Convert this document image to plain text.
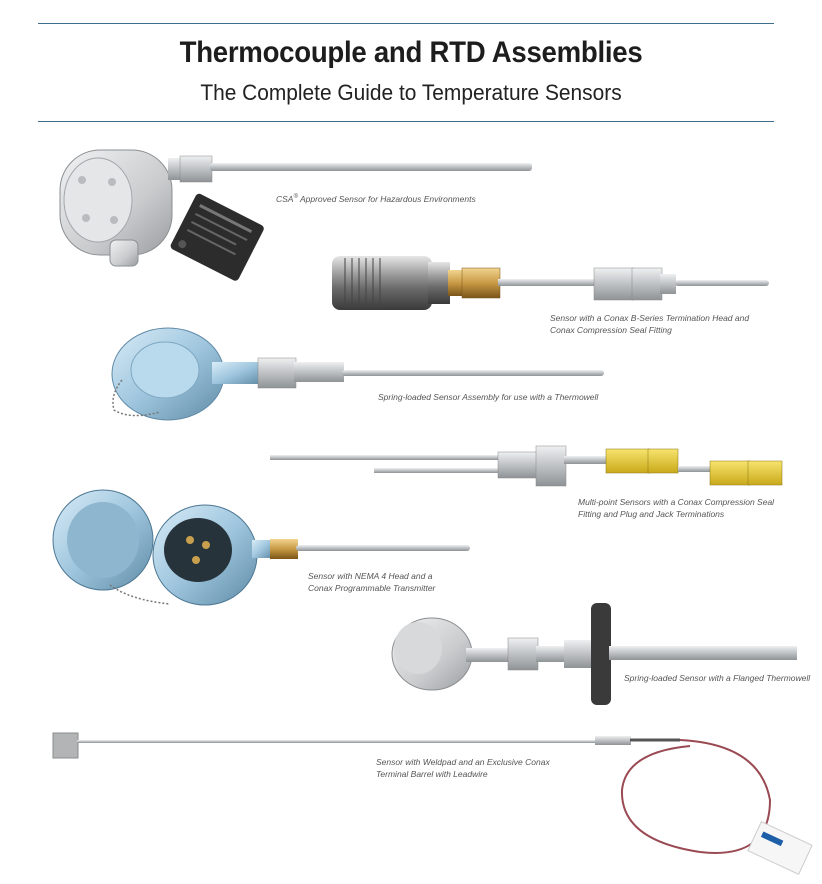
Thermocouple and RTD Assemblies
The Complete Guide to Temperature Sensors
CSA® Approved Sensor for Hazardous Environments
Sensor with a Conax B-Series Termination Head and
Conax Compression Seal Fitting
Spring-loaded Sensor Assembly for use with a Thermowell
Multi-point Sensors with a Conax Compression Seal
Fitting and Plug and Jack Terminations
Sensor with NEMA 4 Head and a
Conax Programmable Transmitter
Spring-loaded Sensor with a Flanged Thermowell
Sensor with Weldpad and an Exclusive Conax
Terminal Barrel with Leadwire
